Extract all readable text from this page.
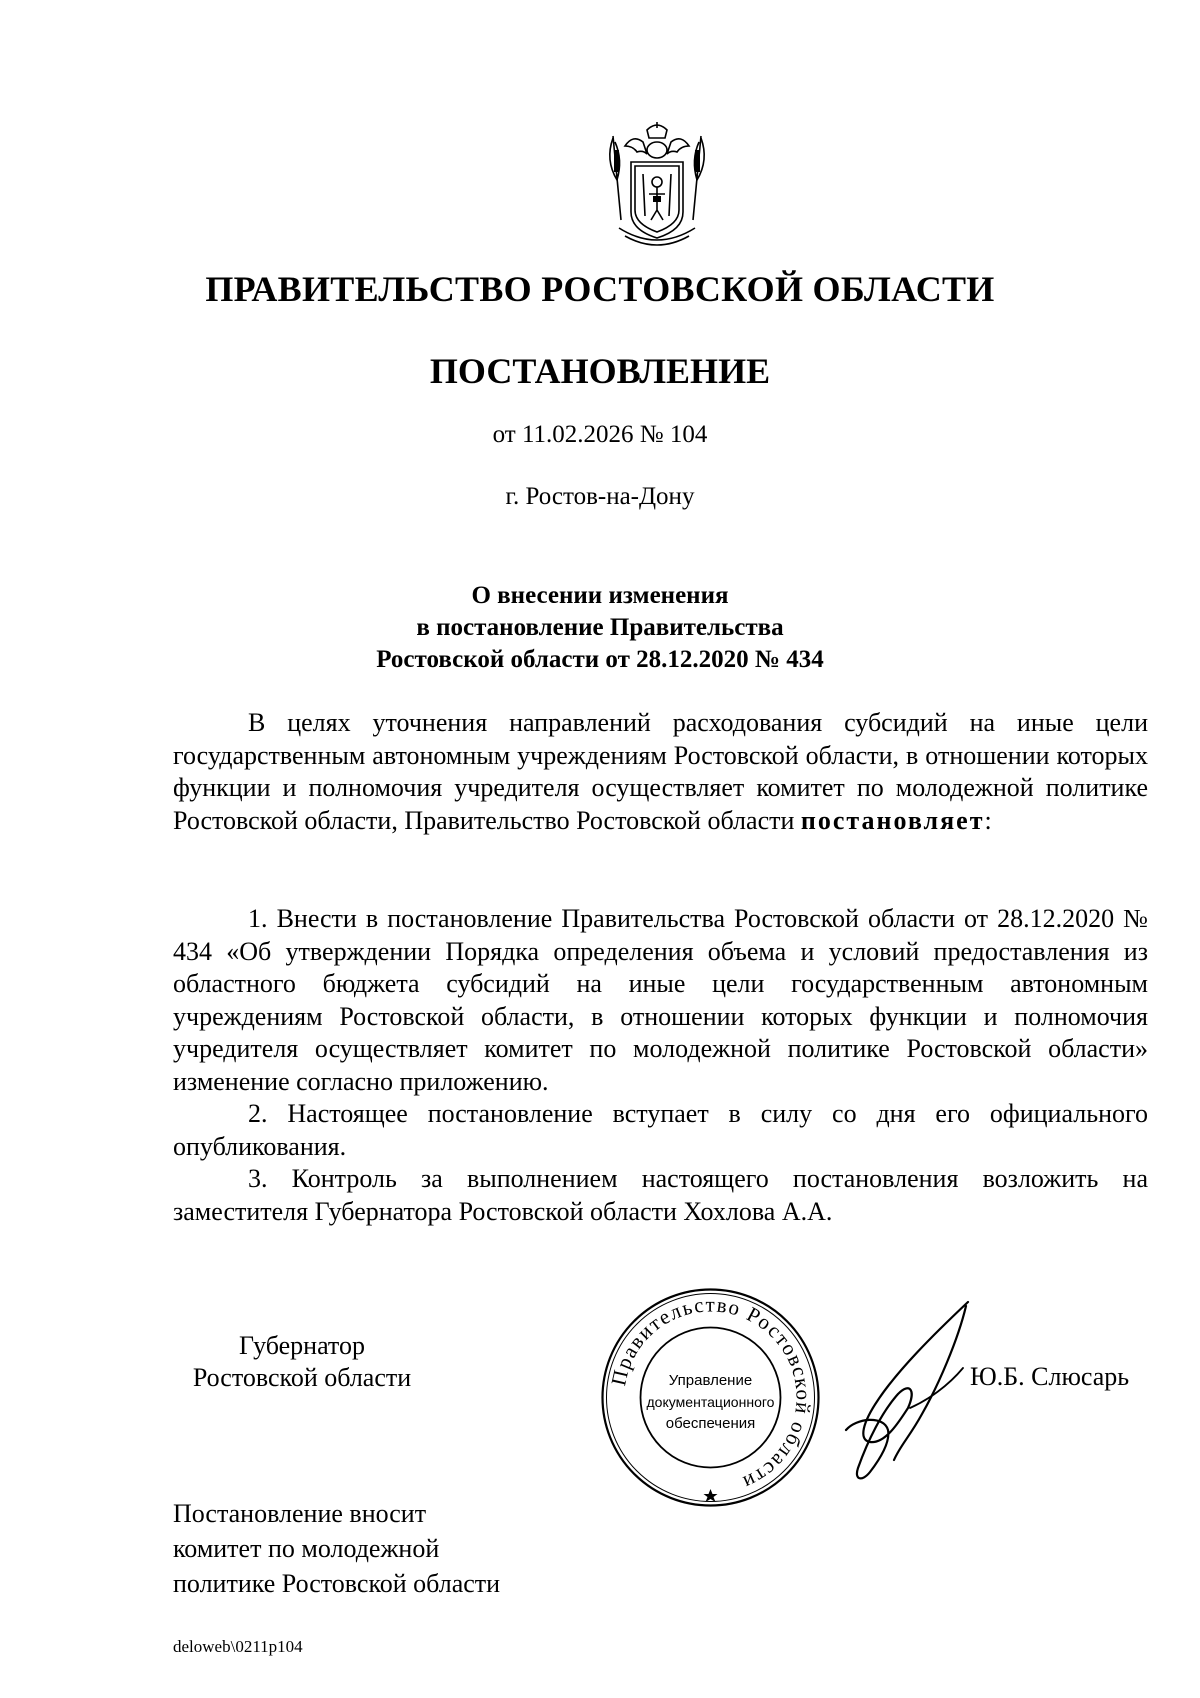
ПРАВИТЕЛЬСТВО РОСТОВСКОЙ ОБЛАСТИ
ПОСТАНОВЛЕНИЕ
от 11.02.2026 № 104
г. Ростов-на-Дону
О внесении изменения
в постановление Правительства
Ростовской области от 28.12.2020 № 434

В целях уточнения направлений расходования субсидий на иные цели государственным автономным учреждениям Ростовской области, в отношении которых функции и полномочия учредителя осуществляет комитет по молодежной политике Ростовской области, Правительство Ростовской области постановляет:

1. Внести в постановление Правительства Ростовской области от 28.12.2020 № 434 «Об утверждении Порядка определения объема и условий предоставления из областного бюджета субсидий на иные цели государственным автономным учреждениям Ростовской области, в отношении которых функции и полномочия учредителя осуществляет комитет по молодежной политике Ростовской области» изменение согласно приложению.

2. Настоящее постановление вступает в силу со дня его официального опубликования.

3. Контроль за выполнением настоящего постановления возложить на заместителя Губернатора Ростовской области Хохлова А.А.

Губернатор
Ростовской области	Правительство Ростовской области
Управление
документационного
обеспечения
Ю.Б. Слюсарь
Постановление вносит
комитет по молодежной
политике Ростовской области
deloweb\0211p104
